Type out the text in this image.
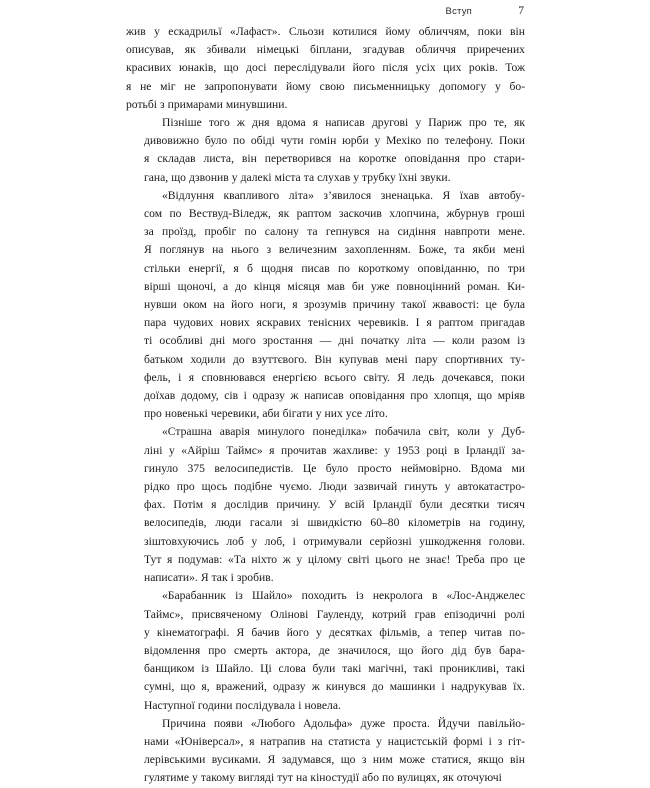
Вступ	7

жив у ескадрильї «Лафаст». Сльози котилися йому обличчям, поки він
описував, як збивали німецькі біплани, згадував обличчя приречених
красивих юнаків, що досі переслідували його після усіх цих років. Тож
я не міг не запропонувати йому свою письменницьку допомогу у бо-
ротьбі з примарами минувшини.

Пізніше того ж дня вдома я написав другові у Париж про те, як
дивовижно було по обіді чути гомін юрби у Мехіко по телефону. Поки
я складав листа, він перетворився на коротке оповідання про стари-
гана, що дзвонив у далекі міста та слухав у трубку їхні звуки.

«Відлуння квапливого літа» з’явилося зненацька. Я їхав автобу-
сом по Вествуд-Віледж, як раптом заскочив хлопчина, жбурнув гроші
за проїзд, пробіг по салону та гепнувся на сидіння навпроти мене.
Я поглянув на нього з величезним захопленням. Боже, та якби мені
стільки енергії, я б щодня писав по короткому оповіданню, по три
вірші щоночі, а до кінця місяця мав би уже повноцінний роман. Ки-
нувши оком на його ноги, я зрозумів причину такої жвавості: це була
пара чудових нових яскравих тенісних черевиків. І я раптом пригадав
ті особливі дні мого зростання — дні початку літа — коли разом із
батьком ходили до взуттєвого. Він купував мені пару спортивних ту-
фель, і я сповнювався енергією всього світу. Я ледь дочекався, поки
доїхав додому, сів і одразу ж написав оповідання про хлопця, що мріяв
про новенькі черевики, аби бігати у них усе літо.

«Страшна аварія минулого понеділка» побачила світ, коли у Дуб-
ліні у «Айріш Таймс» я прочитав жахливе: у 1953 році в Ірландії за-
гинуло 375 велосипедистів. Це було просто неймовірно. Вдома ми
рідко про щось подібне чуємо. Люди зазвичай гинуть у автокатастро-
фах. Потім я дослідив причину. У всій Ірландії були десятки тисяч
велосипедів, люди гасали зі швидкістю 60–80 кілометрів на годину,
зіштовхуючись лоб у лоб, і отримували серйозні ушкодження голови.
Тут я подумав: «Та ніхто ж у цілому світі цього не знає! Треба про це
написати». Я так і зробив.

«Барабанник із Шайло» походить із некролога в «Лос-Анджелес
Таймс», присвяченому Олінові Гауленду, котрий грав епізодичні ролі
у кінематографі. Я бачив його у десятках фільмів, а тепер читав по-
відомлення про смерть актора, де значилося, що його дід був бара-
банщиком із Шайло. Ці слова були такі магічні, такі проникливі, такі
сумні, що я, вражений, одразу ж кинувся до машинки і надрукував їх.
Наступної години послідувала і новела.

Причина появи «Любого Адольфа» дуже проста. Йдучи павільйо-
нами «Юніверсал», я натрапив на статиста у нацистській формі і з гіт-
лерівськими вусиками. Я задумався, що з ним може статися, якщо він
гулятиме у такому вигляді тут на кіностудії або по вулицях, як оточуючі
